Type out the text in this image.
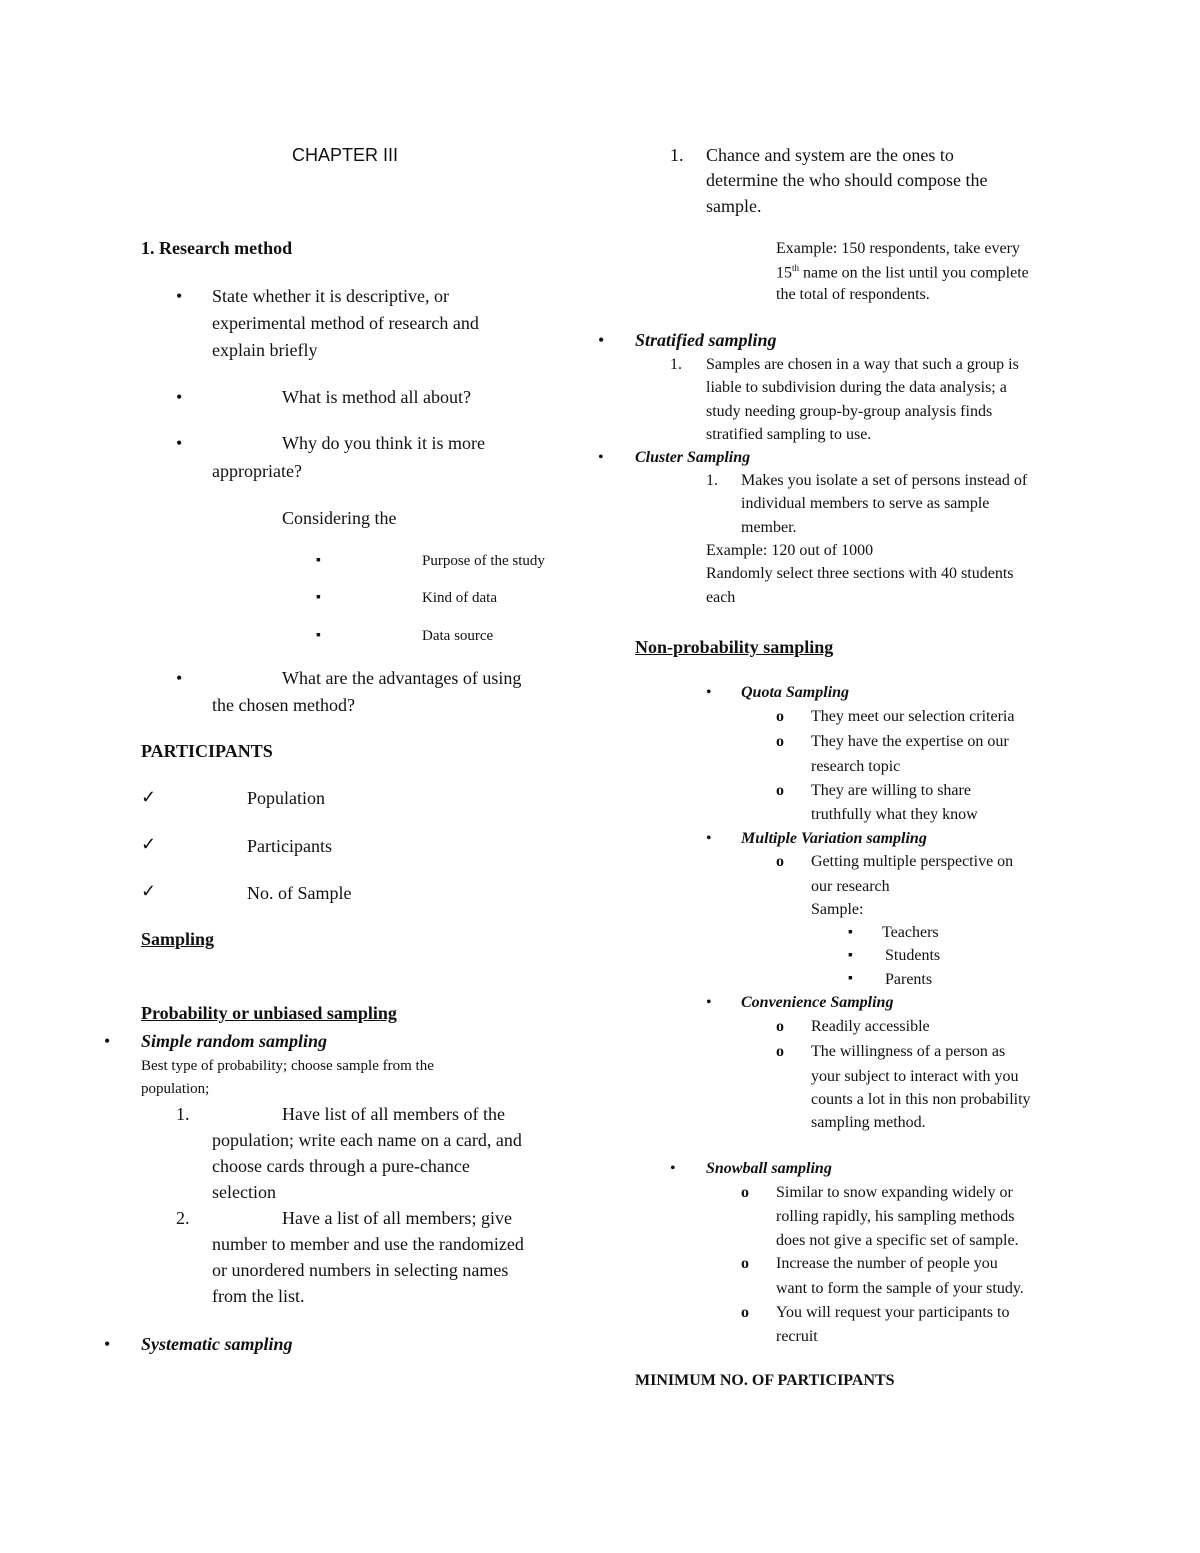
CHAPTER III
1. Research method
• State whether it is descriptive, or
experimental method of research and
explain briefly
•	What is method all about?
•	Why do you think it is more
appropriate?
Considering the
▪	Purpose of the study
▪	Kind of data
▪	Data source
•	What are the advantages of using
the chosen method?
PARTICIPANTS
✓	Population
✓	Participants
✓	No. of Sample
Sampling
Probability or unbiased sampling
• Simple random sampling
Best type of probability; choose sample from the
population;
1.	Have list of all members of the
population; write each name on a card, and
choose cards through a pure-chance
selection
2.	Have a list of all members; give
number to member and use the randomized
or unordered numbers in selecting names
from the list.
• Systematic sampling
1. Chance and system are the ones to
determine the who should compose the
sample.
Example: 150 respondents, take every
15th name on the list until you complete
the total of respondents.
• Stratified sampling
1. Samples are chosen in a way that such a group is
liable to subdivision during the data analysis; a
study needing group-by-group analysis finds
stratified sampling to use.
• Cluster Sampling
1. Makes you isolate a set of persons instead of
individual members to serve as sample
member.
Example: 120 out of 1000
Randomly select three sections with 40 students
each
Non-probability sampling
• Quota Sampling
o They meet our selection criteria
o They have the expertise on our
research topic
o They are willing to share
truthfully what they know
• Multiple Variation sampling
o Getting multiple perspective on
our research
Sample:
▪ Teachers
▪ Students
▪ Parents
• Convenience Sampling
o Readily accessible
o The willingness of a person as
your subject to interact with you
counts a lot in this non probability
sampling method.
• Snowball sampling
o Similar to snow expanding widely or
rolling rapidly, his sampling methods
does not give a specific set of sample.
o Increase the number of people you
want to form the sample of your study.
o You will request your participants to
recruit
MINIMUM NO. OF PARTICIPANTS
